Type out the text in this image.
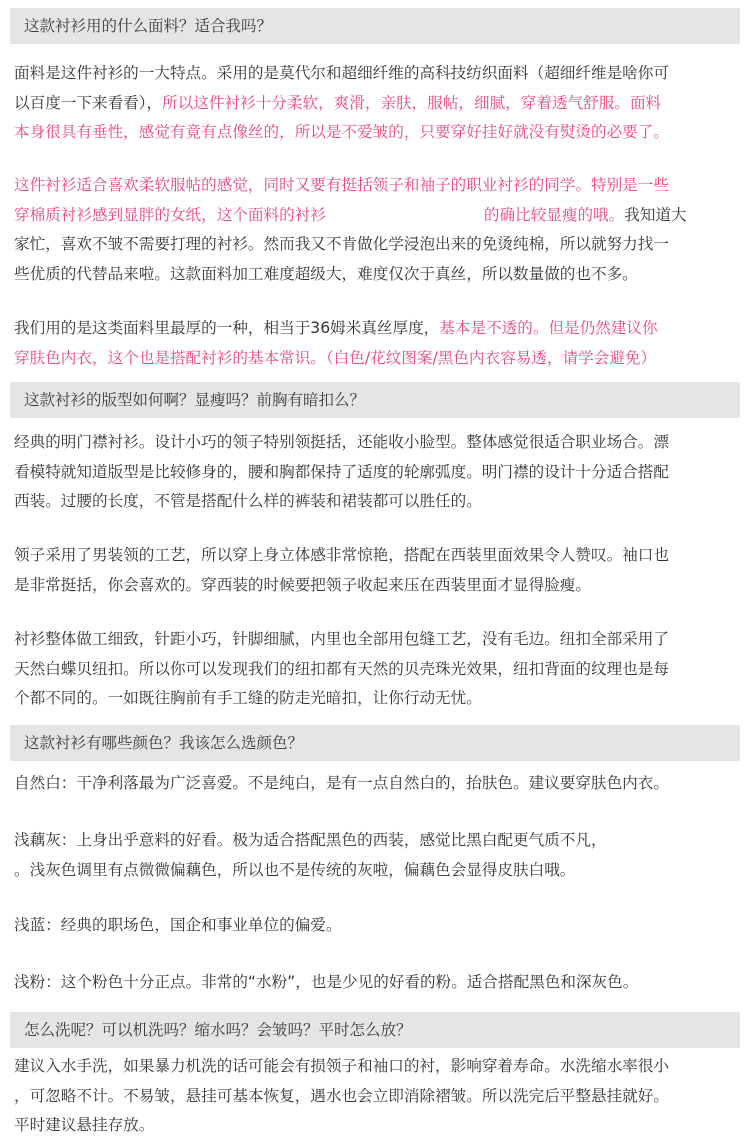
这款衬衫用的什么面料？适合我吗？
面料是这件衬衫的一大特点。采用的是莫代尔和超细纤维的高科技纺织面料（超细纤维是啥你可
以百度一下来看看），所以这件衬衫十分柔软，爽滑，亲肤，服帖，细腻，穿着透气舒服。面料
本身很具有垂性，感觉有竟有点像丝的，所以是不爱皱的，只要穿好挂好就没有熨烫的必要了。
这件衬衫适合喜欢柔软服帖的感觉，同时又要有挺括领子和袖子的职业衬衫的同学。特别是一些
穿棉质衬衫感到显胖的女纸，这个面料的衬衫	的确比较显瘦的哦。我知道大
家忙，喜欢不皱不需要打理的衬衫。然而我又不肯做化学浸泡出来的免烫纯棉，所以就努力找一
些优质的代替品来啦。这款面料加工难度超级大，难度仅次于真丝，所以数量做的也不多。
我们用的是这类面料里最厚的一种，相当于36姆米真丝厚度，基本是不透的。但是仍然建议你
穿肤色内衣，这个也是搭配衬衫的基本常识。（白色/花纹图案/黑色内衣容易透，请学会避免）
这款衬衫的版型如何啊？显瘦吗？前胸有暗扣么？
经典的明门襟衬衫。设计小巧的领子特别领挺括，还能收小脸型。整体感觉很适合职业场合。漂
看模特就知道版型是比较修身的，腰和胸都保持了适度的轮廓弧度。明门襟的设计十分适合搭配
西装。过腰的长度，不管是搭配什么样的裤装和裙装都可以胜任的。
领子采用了男装领的工艺，所以穿上身立体感非常惊艳，搭配在西装里面效果令人赞叹。袖口也
是非常挺括，你会喜欢的。穿西装的时候要把领子收起来压在西装里面才显得脸瘦。
衬衫整体做工细致，针距小巧，针脚细腻，内里也全部用包缝工艺，没有毛边。纽扣全部采用了
天然白蝶贝纽扣。所以你可以发现我们的纽扣都有天然的贝壳珠光效果，纽扣背面的纹理也是每
个都不同的。一如既往胸前有手工缝的防走光暗扣，让你行动无忧。
这款衬衫有哪些颜色？我该怎么选颜色？
自然白：干净利落最为广泛喜爱。不是纯白，是有一点自然白的，抬肤色。建议要穿肤色内衣。
浅藕灰：上身出乎意料的好看。极为适合搭配黑色的西装，感觉比黑白配更气质不凡，
。浅灰色调里有点微微偏藕色，所以也不是传统的灰啦，偏藕色会显得皮肤白哦。
浅蓝：经典的职场色，国企和事业单位的偏爱。
浅粉：这个粉色十分正点。非常的“水粉”，也是少见的好看的粉。适合搭配黑色和深灰色。
怎么洗呢？可以机洗吗？缩水吗？会皱吗？平时怎么放？
建议入水手洗，如果暴力机洗的话可能会有损领子和袖口的衬，影响穿着寿命。水洗缩水率很小
，可忽略不计。不易皱，悬挂可基本恢复，遇水也会立即消除褶皱。所以洗完后平整悬挂就好。
平时建议悬挂存放。
